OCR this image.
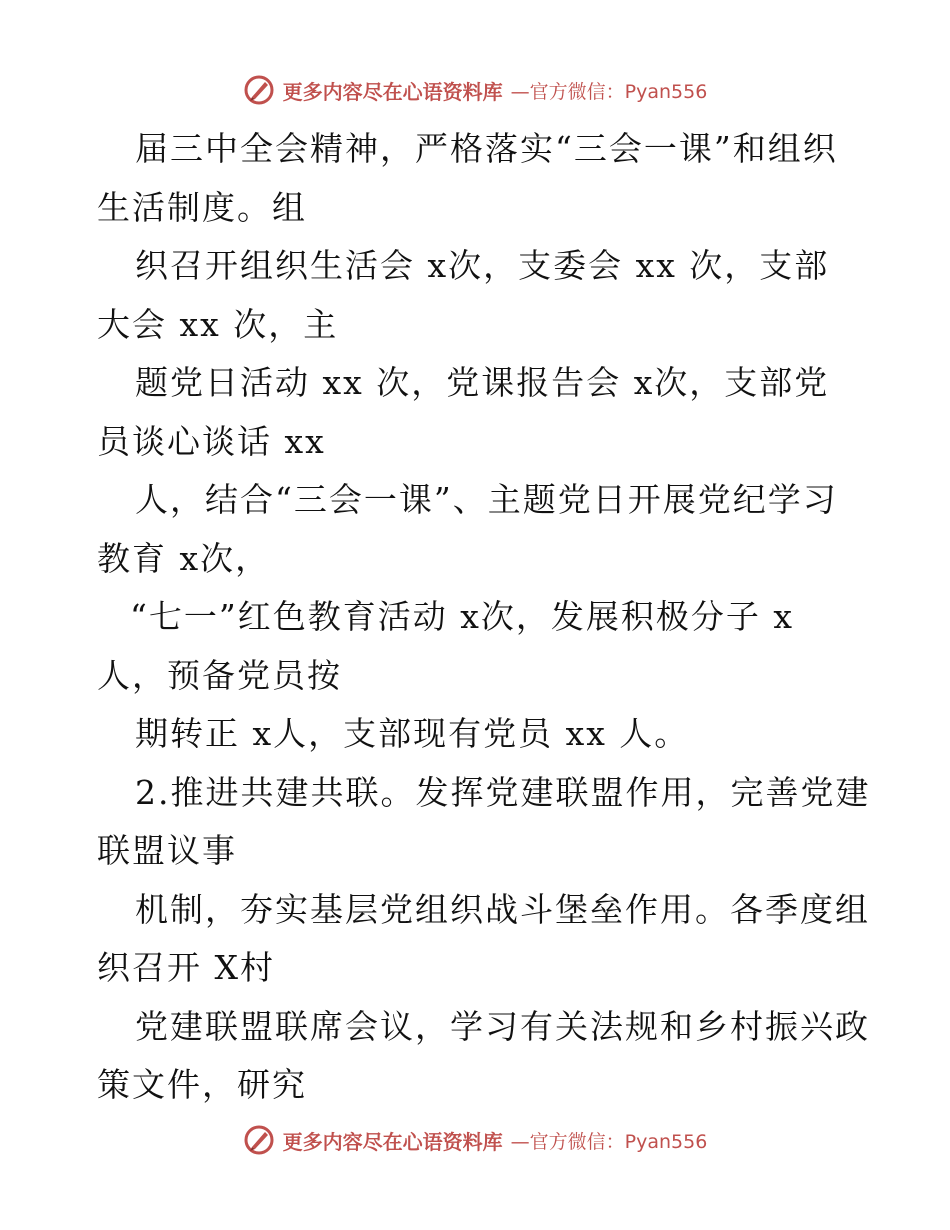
更多内容尽在心语资料库 —官方微信：Pyan556
届三中全会精神，严格落实“三会一课”和组织
生活制度。组
织召开组织生活会 x次，支委会 xx 次，支部
大会 xx 次，主
题党日活动 xx 次，党课报告会 x次，支部党
员谈心谈话 xx
人，结合“三会一课”、主题党日开展党纪学习
教育 x次，
“七一”红色教育活动 x次，发展积极分子 x
人，预备党员按
期转正 x人，支部现有党员 xx 人。
2.推进共建共联。发挥党建联盟作用，完善党建
联盟议事
机制，夯实基层党组织战斗堡垒作用。各季度组
织召开 X村
党建联盟联席会议，学习有关法规和乡村振兴政
策文件，研究
更多内容尽在心语资料库 —官方微信：Pyan556
